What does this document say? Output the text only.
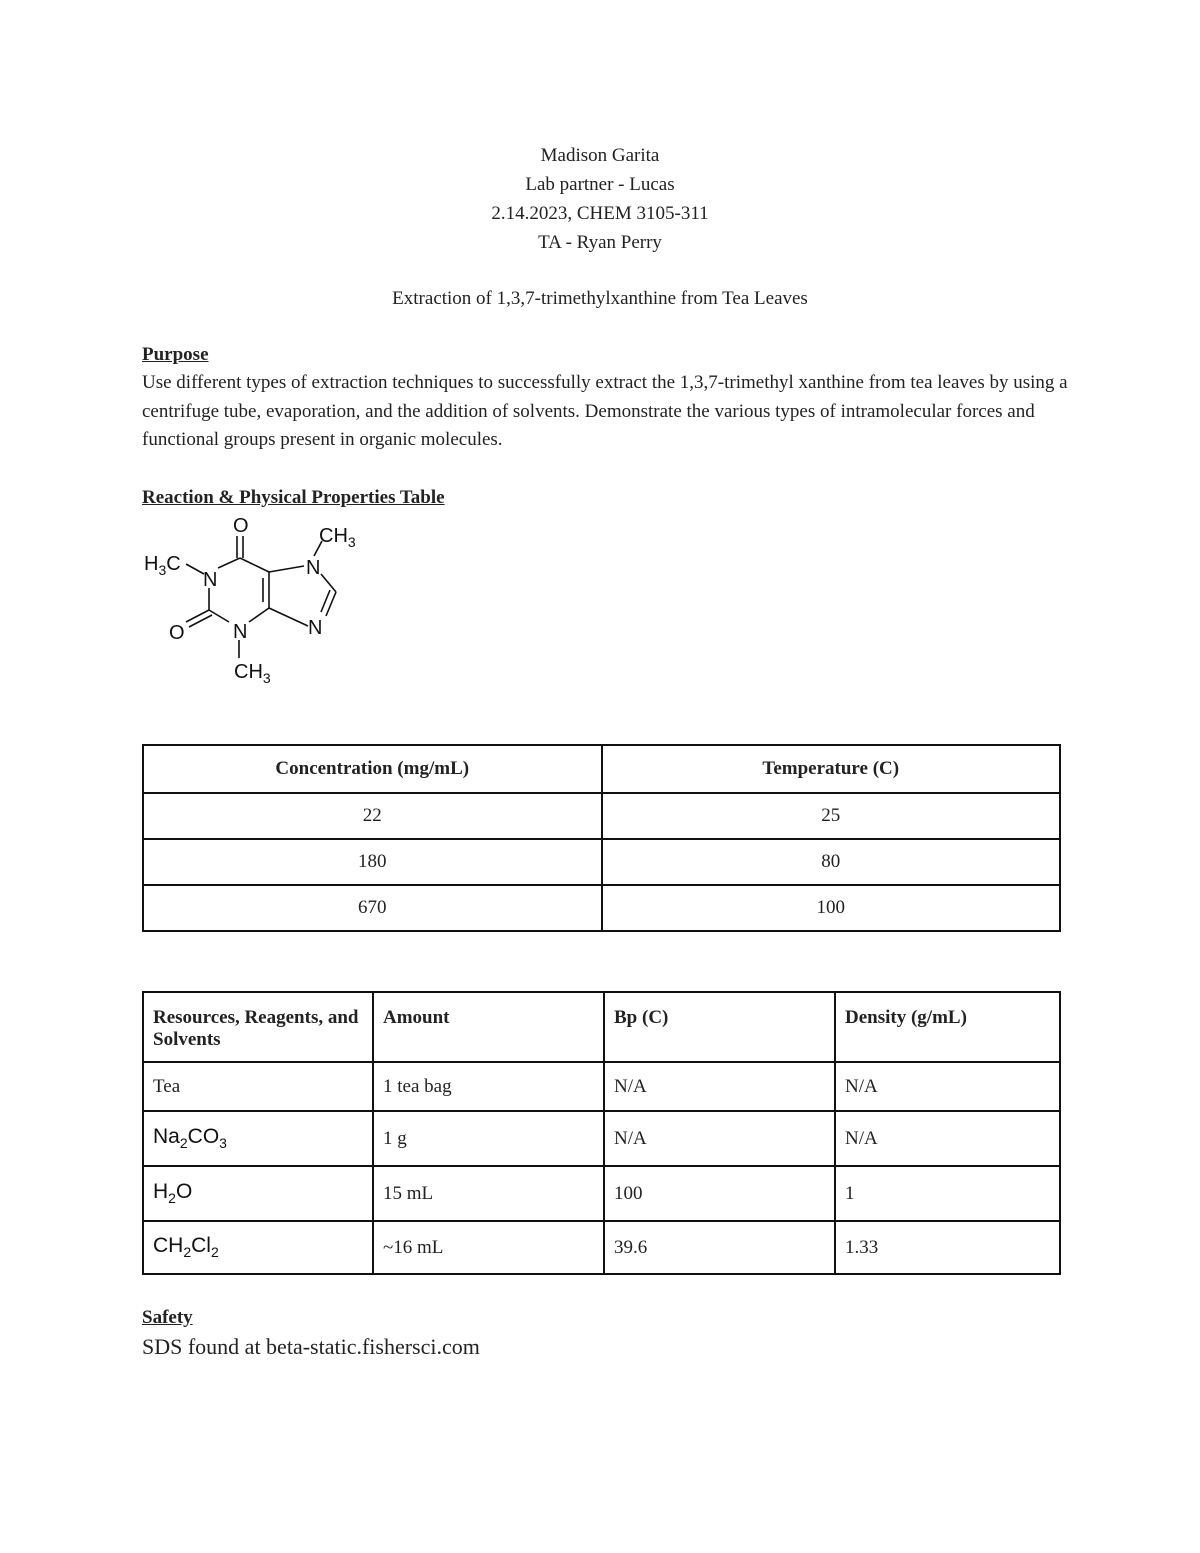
Madison Garita
Lab partner - Lucas
2.14.2023, CHEM 3105-311
TA - Ryan Perry
Extraction of 1,3,7-trimethylxanthine from Tea Leaves
Purpose
Use different types of extraction techniques to successfully extract the 1,3,7-trimethyl xanthine from tea leaves by using a centrifuge tube, evaporation, and the addition of solvents. Demonstrate the various types of intramolecular forces and functional groups present in organic molecules.
Reaction & Physical Properties Table
O	$CH_3$
$H_3C$
N
N
O N	N
$CH_3$
Concentration (mg/mL)	Temperature (C)
22	25
180	80
670	100
Resources, Reagents, and Solvents	Amount	Bp (C)	Density (g/mL)
Tea	1 tea bag	N/A	N/A
$Na_2CO_3$	1 g	N/A	N/A
$H_2O$	15 mL	100	1
$CH_2Cl_2$	~16 mL	39.6	1.33
Safety
SDS found at beta-static.fishersci.com
